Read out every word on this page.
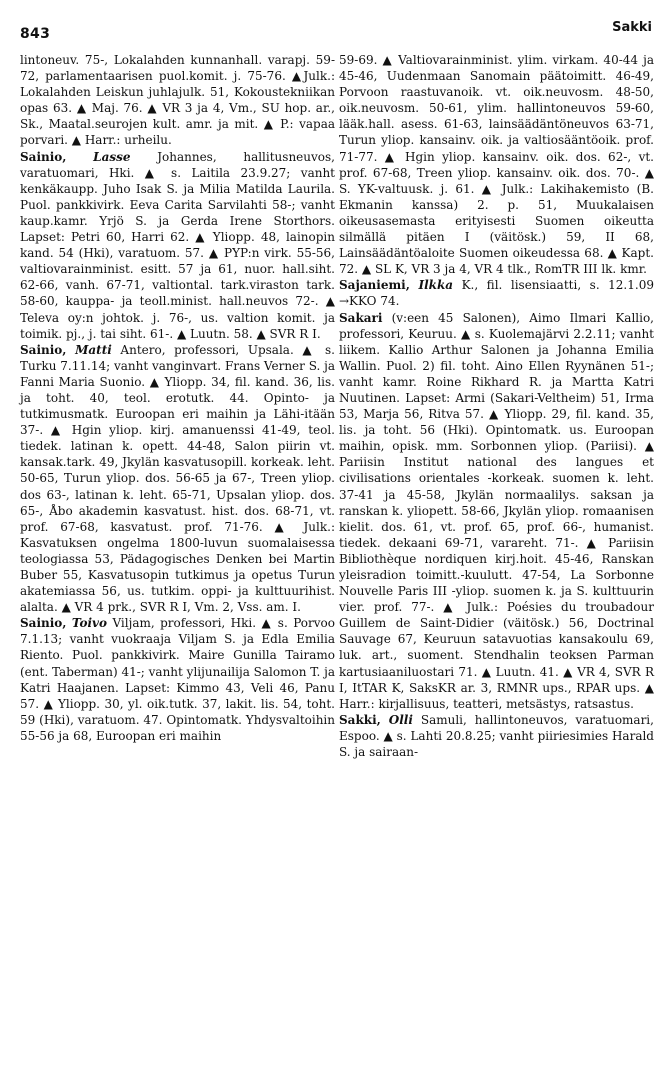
843	Sakki

lintoneuv. 75-, Lokalahden kunnanhall. varapj. 59-72, parlamentaarisen puol.komit. j. 75-76. ▲Julk.: Lokalahden Leiskun juhlajulk. 51, Kokoustekniikan opas 63. ▲ Maj. 76. ▲ VR 3 ja 4, Vm., SU hop. ar., Sk., Maatal.seurojen kult. amr. ja mit. ▲ P.: vapaa porvari. ▲ Harr.: urheilu.

Sainio, Lasse Johannes, hallitusneuvos, varatuomari, Hki. ▲ s. Laitila 23.9.27; vanht kenkäkaupp. Juho Isak S. ja Milia Matilda Laurila. Puol. pankkivirk. Eeva Carita Sarvilahti 58-; vanht kaup.kamr. Yrjö S. ja Gerda Irene Storthors. Lapset: Petri 60, Harri 62. ▲ Yliopp. 48, lainopin kand. 54 (Hki), varatuom. 57. ▲ PYP:n virk. 55-56, valtiovarainminist. esitt. 57 ja 61, nuor. hall.siht. 62-66, vanh. 67-71, valtiontal. tark.viraston tark. 58-60, kauppa- ja teoll.minist. hall.neuvos 72-. ▲ Televa oy:n johtok. j. 76-, us. valtion komit. ja toimik. pj., j. tai siht. 61-. ▲ Luutn. 58. ▲ SVR R I.

Sainio, Matti Antero, professori, Upsala. ▲ s. Turku 7.11.14; vanht vanginvart. Frans Verner S. ja Fanni Maria Suonio. ▲ Yliopp. 34, fil. kand. 36, lis. ja toht. 40, teol. erotutk. 44. Opinto- ja tutkimusmatk. Euroopan eri maihin ja Lähi-itään 37-. ▲ Hgin yliop. kirj. amanuenssi 41-49, teol. tiedek. latinan k. opett. 44-48, Salon piirin vt. kansak.tark. 49, Jkylän kasvatusopill. korkeak. leht. 50-65, Turun yliop. dos. 56-65 ja 67-, Treen yliop. dos 63-, latinan k. leht. 65-71, Upsalan yliop. dos. 65-, Åbo akademin kasvatust. hist. dos. 68-71, vt. prof. 67-68, kasvatust. prof. 71-76. ▲ Julk.: Kasvatuksen ongelma 1800-luvun suomalaisessa teologiassa 53, Pädagogisches Denken bei Martin Buber 55, Kasvatusopin tutkimus ja opetus Turun akatemiassa 56, us. tutkim. oppi- ja kulttuurihist. alalta. ▲ VR 4 prk., SVR R I, Vm. 2, Vss. am. I.

Sainio, Toivo Viljam, professori, Hki. ▲ s. Porvoo 7.1.13; vanht vuokraaja Viljam S. ja Edla Emilia Riento. Puol. pankkivirk. Maire Gunilla Tairamo (ent. Taberman) 41-; vanht ylijunailija Salomon T. ja Katri Haajanen. Lapset: Kimmo 43, Veli 46, Panu 57. ▲ Yliopp. 30, yl. oik.tutk. 37, lakit. lis. 54, toht. 59 (Hki), varatuom. 47. Opintomatk. Yhdysvaltoihin 55-56 ja 68, Euroopan eri maihin

59-69. ▲ Valtiovarainminist. ylim. virkam. 40-44 ja 45-46, Uudenmaan Sanomain päätoimitt. 46-49, Porvoon raastuvanoik. vt. oik.neuvosm. 48-50, oik.neuvosm. 50-61, ylim. hallintoneuvos 59-60, lääk.hall. asess. 61-63, lainsäädäntöneuvos 63-71, Turun yliop. kansainv. oik. ja valtiosääntöoik. prof. 71-77. ▲ Hgin yliop. kansainv. oik. dos. 62-, vt. prof. 67-68, Treen yliop. kansainv. oik. dos. 70-. ▲ S. YK-valtuusk. j. 61. ▲ Julk.: Lakihakemisto (B. Ekmanin kanssa) 2. p. 51, Muukalaisen oikeusasemasta erityisesti Suomen oikeutta silmällä pitäen I (väitösk.) 59, II 68, Lainsäädäntöaloite Suomen oikeudessa 68. ▲ Kapt. 72. ▲ SL K, VR 3 ja 4, VR 4 tlk., RomTR III lk. kmr.

Sajaniemi, Ilkka K., fil. lisensiaatti, s. 12.1.09 →KKO 74.

Sakari (v:een 45 Salonen), Aimo Ilmari Kallio, professori, Keuruu. ▲ s. Kuolemajärvi 2.2.11; vanht liikem. Kallio Arthur Salonen ja Johanna Emilia Wallin. Puol. 2) fil. toht. Aino Ellen Ryynänen 51-; vanht kamr. Roine Rikhard R. ja Martta Katri Nuutinen. Lapset: Armi (Sakari-Veltheim) 51, Irma 53, Marja 56, Ritva 57. ▲ Yliopp. 29, fil. kand. 35, lis. ja toht. 56 (Hki). Opintomatk. us. Euroopan maihin, opisk. mm. Sorbonnen yliop. (Pariisi). ▲ Pariisin Institut national des langues et civilisations orientales -korkeak. suomen k. leht. 37-41 ja 45-58, Jkylän normaalilys. saksan ja ranskan k. yliopett. 58-66, Jkylän yliop. romaanisen kielit. dos. 61, vt. prof. 65, prof. 66-, humanist. tiedek. dekaani 69-71, varareht. 71-. ▲ Pariisin Bibliothèque nordiquen kirj.hoit. 45-46, Ranskan yleisradion toimitt.-kuulutt. 47-54, La Sorbonne Nouvelle Paris III -yliop. suomen k. ja S. kulttuurin vier. prof. 77-. ▲ Julk.: Poésies du troubadour Guillem de Saint-Didier (väitösk.) 56, Doctrinal Sauvage 67, Keuruun satavuotias kansakoulu 69, luk. art., suoment. Stendhalin teoksen Parman kartusiaaniluostari 71. ▲ Luutn. 41. ▲ VR 4, SVR R I, ItTAR K, SaksKR ar. 3, RMNR ups., RPAR ups. ▲ Harr.: kirjallisuus, teatteri, metsästys, ratsastus.

Sakki, Olli Samuli, hallintoneuvos, varatuomari, Espoo. ▲ s. Lahti 20.8.25; vanht piiriesimies Harald S. ja sairaan-
